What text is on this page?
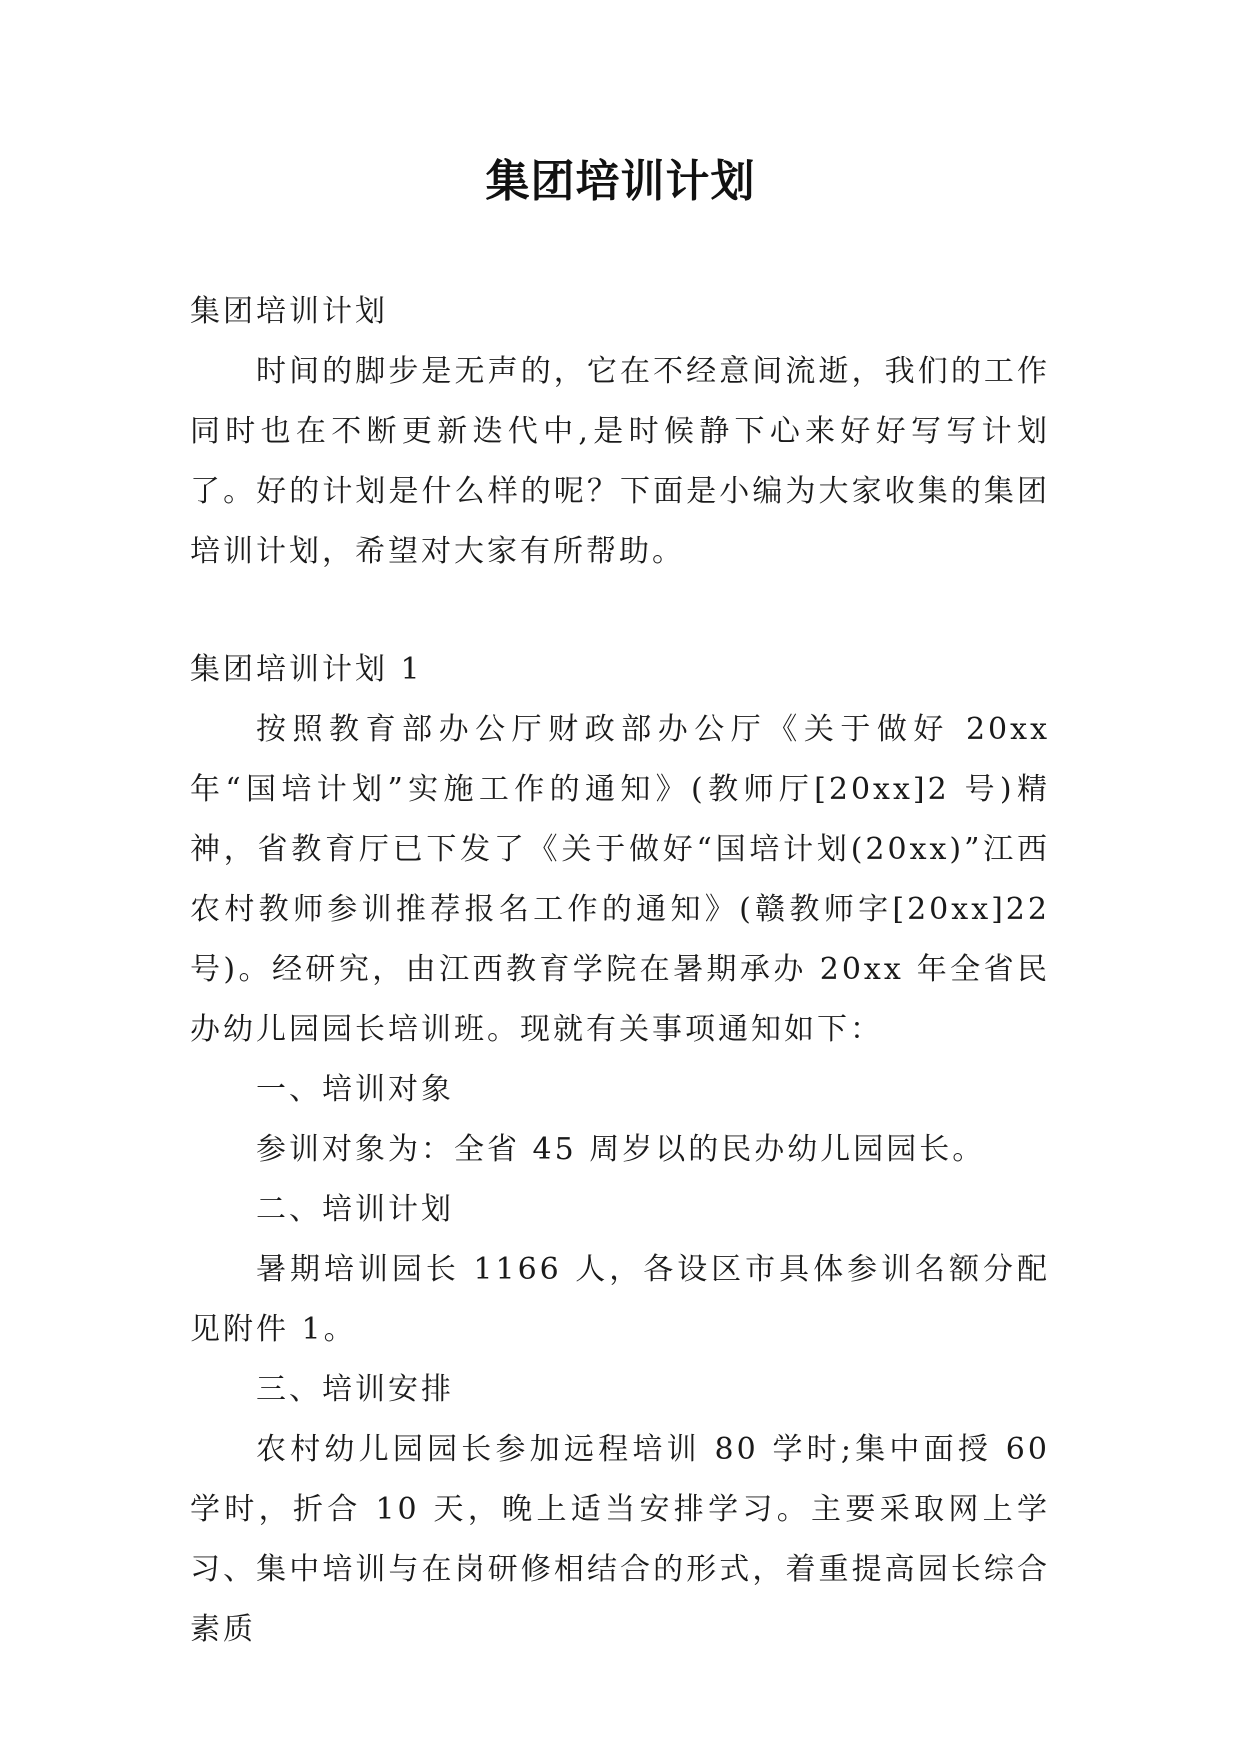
集团培训计划

集团培训计划

时间的脚步是无声的，它在不经意间流逝，我们的工作同时也在不断更新迭代中,是时候静下心来好好写写计划了。好的计划是什么样的呢？下面是小编为大家收集的集团培训计划，希望对大家有所帮助。

集团培训计划 1

按照教育部办公厅财政部办公厅《关于做好 20xx 年“国培计划”实施工作的通知》(教师厅[20xx]2 号)精神，省教育厅已下发了《关于做好“国培计划(20xx)”江西农村教师参训推荐报名工作的通知》(赣教师字[20xx]22 号)。经研究，由江西教育学院在暑期承办 20xx 年全省民办幼儿园园长培训班。现就有关事项通知如下：

一、培训对象

参训对象为：全省 45 周岁以的民办幼儿园园长。

二、培训计划

暑期培训园长 1166 人，各设区市具体参训名额分配见附件 1。

三、培训安排

农村幼儿园园长参加远程培训 80 学时;集中面授 60 学时，折合 10 天，晚上适当安排学习。主要采取网上学习、集中培训与在岗研修相结合的形式，着重提高园长综合素质
